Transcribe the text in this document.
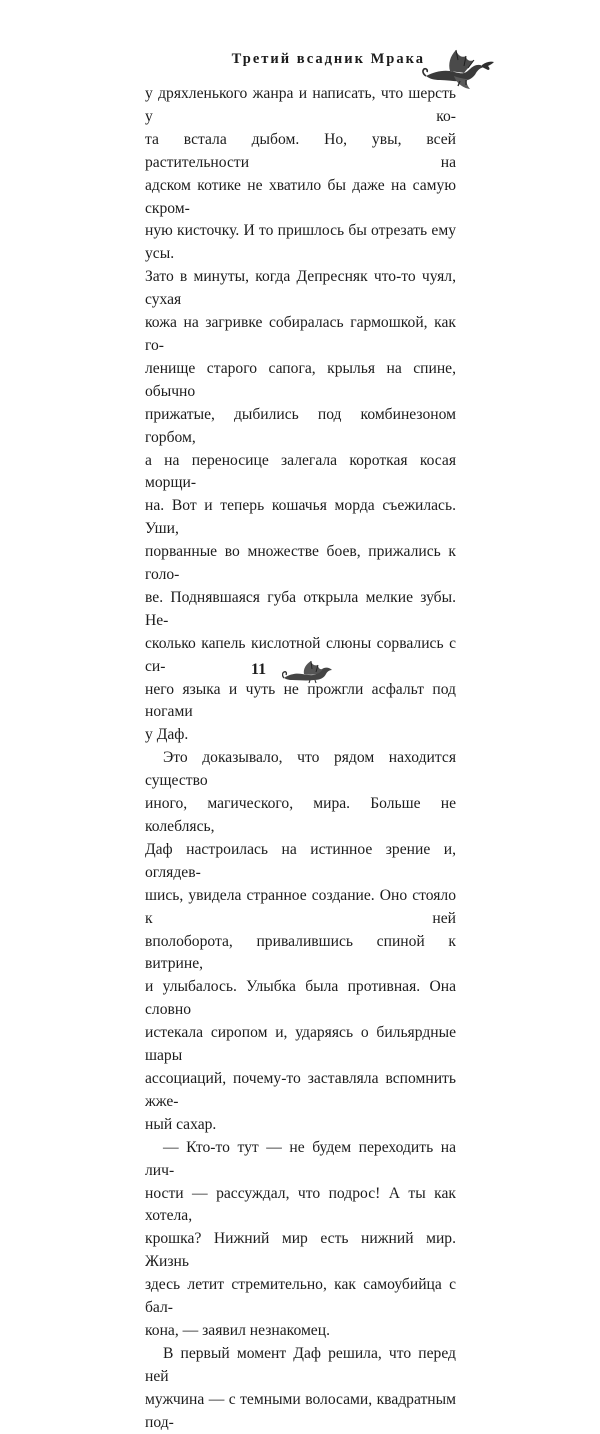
Третий всадник Мрака

у дряхленького жанра и написать, что шерсть у ко-
та встала дыбом. Но, увы, всей растительности на
адском котике не хватило бы даже на самую скром-
ную кисточку. И то пришлось бы отрезать ему усы.
Зато в минуты, когда Депресняк что-то чуял, сухая
кожа на загривке собиралась гармошкой, как го-
ленище старого сапога, крылья на спине, обычно
прижатые, дыбились под комбинезоном горбом,
а на переносице залегала короткая косая морщи-
на. Вот и теперь кошачья морда съежилась. Уши,
порванные во множестве боев, прижались к голо-
ве. Поднявшаяся губа открыла мелкие зубы. Не-
сколько капель кислотной слюны сорвались с си-
него языка и чуть не прожгли асфальт под ногами
у Даф.

Это доказывало, что рядом находится существо
иного, магического, мира. Больше не колеблясь,
Даф настроилась на истинное зрение и, оглядев-
шись, увидела странное создание. Оно стояло к ней
вполоборота, привалившись спиной к витрине,
и улыбалось. Улыбка была противная. Она словно
истекала сиропом и, ударяясь о бильярдные шары
ассоциаций, почему-то заставляла вспомнить жже-
ный сахар.

— Кто-то тут — не будем переходить на лич-
ности — рассуждал, что подрос! А ты как хотела,
крошка? Нижний мир есть нижний мир. Жизнь
здесь летит стремительно, как самоубийца с бал-
кона, — заявил незнакомец.

В первый момент Даф решила, что перед ней
мужчина — с темными волосами, квадратным под-

11
